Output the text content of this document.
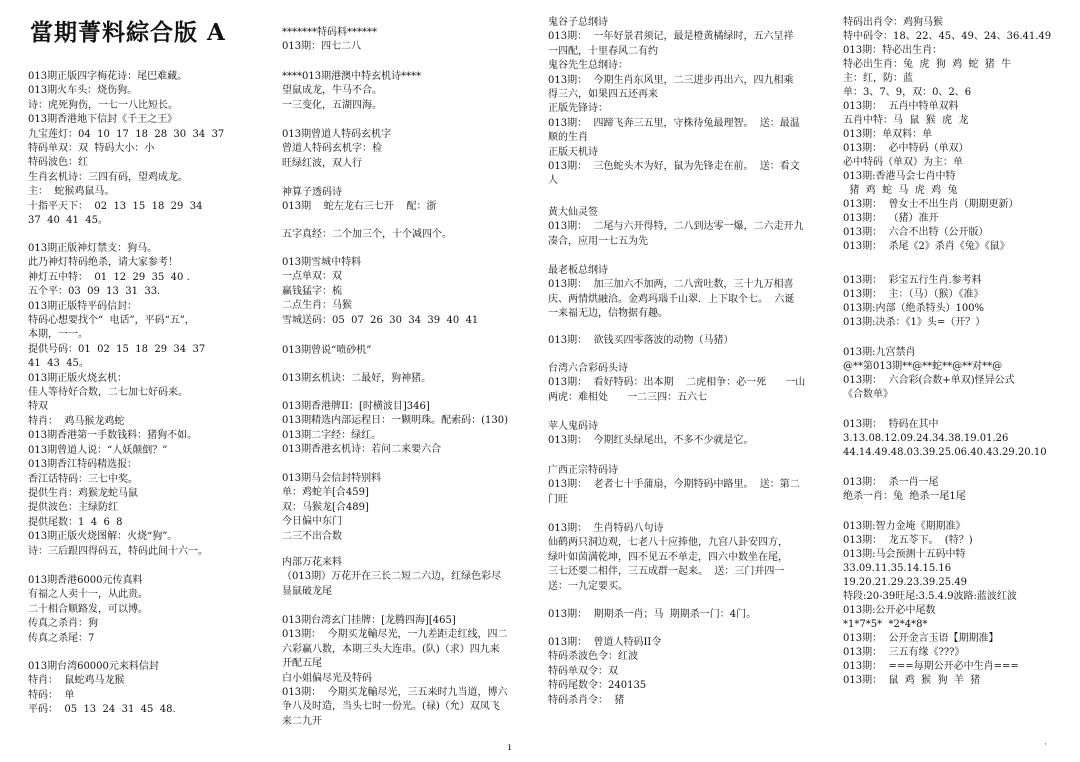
當期菁料綜合版 A
013期正版四字梅花诗：尾巴难藏。
013期火车头：烧伤狗。
诗：虎死狗伤，一七一八比短长。
013期香港地下信封《千王之王》
九宝莲灯：04  10  17  18  28  30  34  37
特码单双：双  特码大小：小
特码波色：红
生肖玄机诗：三四有码，望鸡成龙。
主：  蛇猴鸡鼠马。
十指平天下：  02  13  15  18  29  34
37  40  41  45。
013期正版神灯禁支：狗马。
此乃神灯特码绝杀，请大家参考！
神灯五中特：  01  12  29  35  40 .
五个平：03  09  13  31  33.
013期正版特平码信封：
特码心想要找个“  电话”，平码“五”，
本期，一一。
提供号码：01  02  15  18  29  34  37
41  43  45。
013期正版火烧玄机：
佳人等待好合数，二七加七好码来。
特双
特肖：  鸡马猴龙鸡蛇
013期香港第一手数钱料：猪狗不如。
013期曾道人说：“人妖颠倒？”
013期香江特码精选报：
香江话特码：三七中奖。
提供生肖：鸡猴龙蛇马鼠
提供波色：主绿防红
提供尾数：1  4  6  8
013期正版火烧图解：火烧“狗”。
诗：三后跟四得码五，特码此间十六一。
013期香港6000元传真料
有福之人卖十一，从此贵。
二十相合顺路发，可以博。
传真之杀肖：狗
传真之杀尾：7
013期台湾60000元来料信封
特肖：  鼠蛇鸡马龙猴
特码：  单
平码：  05  13  24  31  45  48.
*******特码料******
013期：四七二八
****013期港澳中特玄机诗****
望鼠成龙，牛马不合。
一三变化，五湖四海。
013期曾道人特码玄机字
曾道人特码玄机字：检
旺绿红波，双人行
神算子透码诗
013期    蛇左龙右三七开    配：浙
五字真经：二个加三个，十个减四个。
013期雪城中特料
一点单双：双
赢钱猛字：梳
二点生肖：马猴
雪城送码：05  07  26  30  34  39  40  41
013期曾说“喷砂机”
013期玄机诀：二最好，狗神猪。
013期香港牌II：[时横波目]346]
013期精选内部运程日：一颗明珠。配索码：(130)
013期二字经：绿红。
013期香港玄机诗：若问二来要六合
013期马会信封特别料
单：鸡蛇羊[合459]
双：马猴龙[合489]
今日偏中东门
二三不出合数
内部万花来料
（013期）万花开在三长二短二六边，红绿色彩尽
显鼠破龙尾
013期台湾玄门挂牌：[龙腾四海][465]
013期：  今期买龙輸尽光，一九差距走红线，四二
六彩赢八数，本期三头大连串。(队)（求）四九来
开配五尾
白小姐偏尽光及特码
013期：  今期买龙輸尽光，三五来时九当道，博六
争八及时造，当头七时一份光。(禄)（允）双凤飞
来二九开
鬼谷子总纲诗
013期：  一年好景君须记，最是橙黄橘绿时，五六呈祥
一四配，十里春风二有约
鬼谷先生总纲诗：
013期：  今期生肖东风里，二三进步再出六，四九相乘
得三六，如果四五还再来
正版先锋诗：
013期：  四蹄飞奔三五里，守株待兔最理智。  送：最温
顺的生肖
正版天机诗
013期：  三色蛇头木为好，鼠为先锋走在前。  送：看文
人
黄大仙灵签
013期：  二尾与六开得特，二八到达零一爆，二六走开九
凑合，应用一七五为先
最老板总纲诗
013期：  加三加六不加两，二八啻吐数，三十九万相喜
庆、两情烘融洽。金鸡玛瑙千山翠．上下取个七。  六诞
一来福无边，信物据有趣。
013期：  欲钱买四零落波的动物（马猪）
台湾六合彩码头诗
013期：  看好特码：出本期    二虎相争：必一死      一山
两虎：难相处      一二三四：五六七
苹人鬼码诗
013期：  今期红头绿尾出，不多不少就是它。
广西正宗特码诗
013期：  老者七十手蒲扇，今期特码中路里。  送：第二
门旺
013期：  生肖特码八句诗
仙鹤两只洞边观，七老八十应捧他，九宫八卦安四方，
绿叶如茵满乾坤，四不见五不单走，四六中数坐在尾，
三七还要二相伴，三五成群一起来。  送：三门并四一
送：一九定要买。
013期：  期期杀一肖；马  期期杀一门：4门。
013期：  曾道人特码II令
特码杀波色令：红波
特码单双令：双
特码尾数令：240135
特码杀肖令：  猪
特码出肖令：鸡狗马猴
特中码令：18、22、45、49、24、36.41.49
013期：特必出生肖：
特必出生肖：兔  虎  狗  鸡  蛇  猪  牛
主：红，防：蓝
单：3、7、9，双：0、2、6
013期：  五肖中特单双料
五肖中特：马  鼠  猴  虎  龙
013期：单双料：单
013期：  必中特码（单双）
必中特码（单双）为主：单
013期:香港马会七肖中特
猪  鸡  蛇  马  虎  鸡  兔
013期：  曾女士不出生肖（期期更新）
013期：  （猪）准开
013期：  六合不出特（公开版）
013期：  杀尾《2》杀肖《兔》《鼠》
013期：  彩宝五行生肖.参考料
013期：  主：（马）（猴）《准》
013期:内部（绝杀特头）100%
013期:决杀：《1》头=（开？）
013期:九宫禁肖
@**第013期**@**蛇**@**对**@
013期：  六合彩(合数+单双)怪异公式
《合数单》
013期：  特码在其中
3.13.08.12.09.24.34.38.19.01.26
44.14.49.48.03.39.25.06.40.43.29.20.10
013期：  杀一肖一尾
绝杀一肖：兔  绝杀一尾1尾
013期:智力金埯《期期准》
013期：  龙五苓下。  (特？)
013期:马会预测十五码中特
33.09.11.35.14.15.16
19.20.21.29.23.39.25.49
特段:20-39旺尾:3.5.4.9波路:蓝波红波
013期:公开必中尾数
*1*7*5*  *2*4*8*
013期：  公开金言玉语【期期准】
013期：  三五有缘《???》
013期：  ===每期公开必中生肖===
013期：  鼠  鸡  猴  狗  羊  猪
ı	·
